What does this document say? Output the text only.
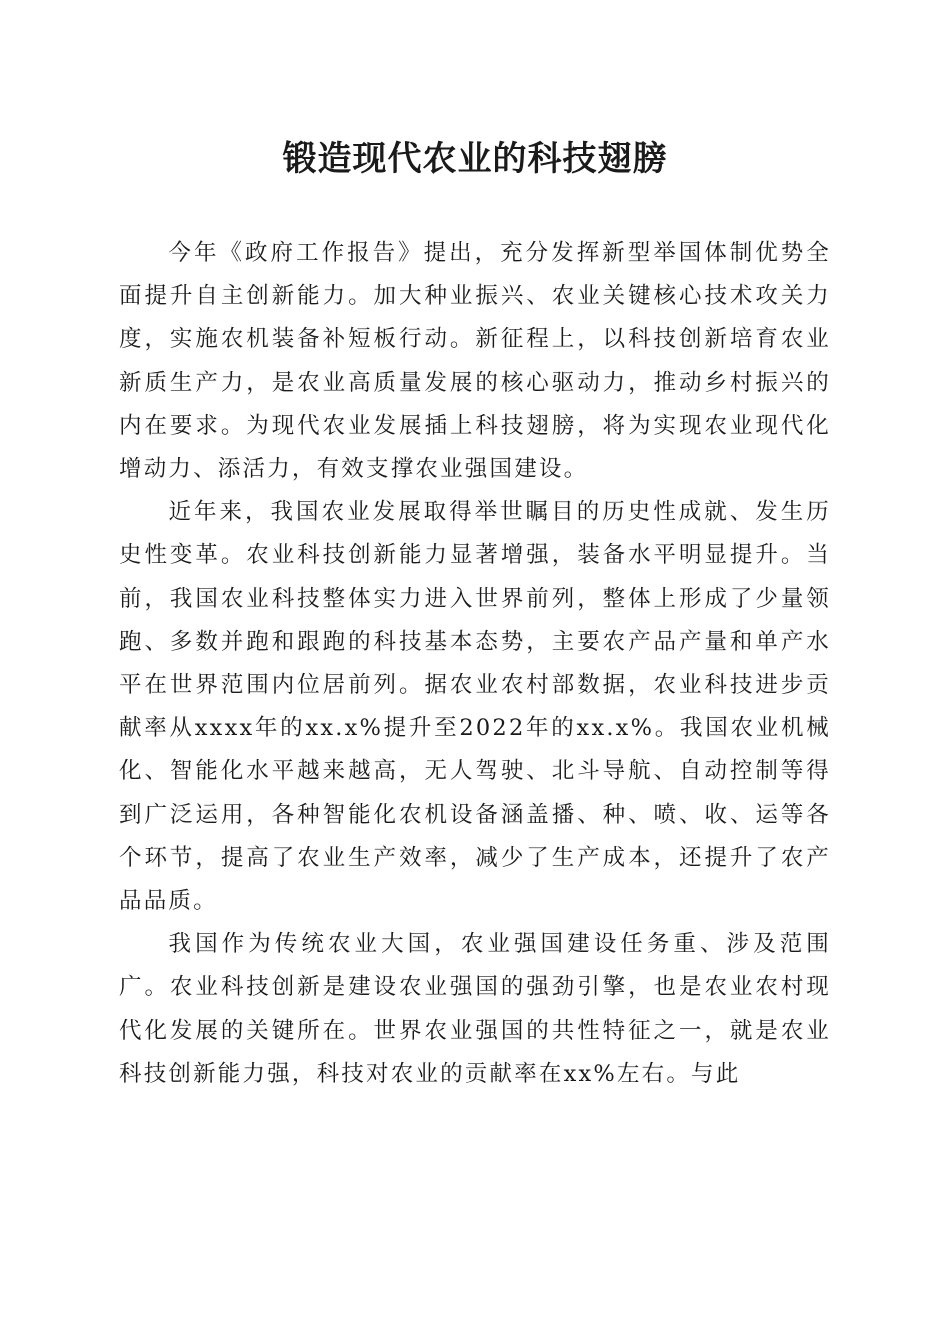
锻造现代农业的科技翅膀

今年《政府工作报告》提出，充分发挥新型举国体制优势全面提升自主创新能力。加大种业振兴、农业关键核心技术攻关力度，实施农机装备补短板行动。新征程上，以科技创新培育农业新质生产力，是农业高质量发展的核心驱动力，推动乡村振兴的内在要求。为现代农业发展插上科技翅膀，将为实现农业现代化增动力、添活力，有效支撑农业强国建设。

近年来，我国农业发展取得举世瞩目的历史性成就、发生历史性变革。农业科技创新能力显著增强，装备水平明显提升。当前，我国农业科技整体实力进入世界前列，整体上形成了少量领跑、多数并跑和跟跑的科技基本态势，主要农产品产量和单产水平在世界范围内位居前列。据农业农村部数据，农业科技进步贡献率从xxxx年的xx.x%提升至2022年的xx.x%。我国农业机械化、智能化水平越来越高，无人驾驶、北斗导航、自动控制等得到广泛运用，各种智能化农机设备涵盖播、种、喷、收、运等各个环节，提高了农业生产效率，减少了生产成本，还提升了农产品品质。

我国作为传统农业大国，农业强国建设任务重、涉及范围广。农业科技创新是建设农业强国的强劲引擎，也是农业农村现代化发展的关键所在。世界农业强国的共性特征之一，就是农业科技创新能力强，科技对农业的贡献率在xx%左右。与此
